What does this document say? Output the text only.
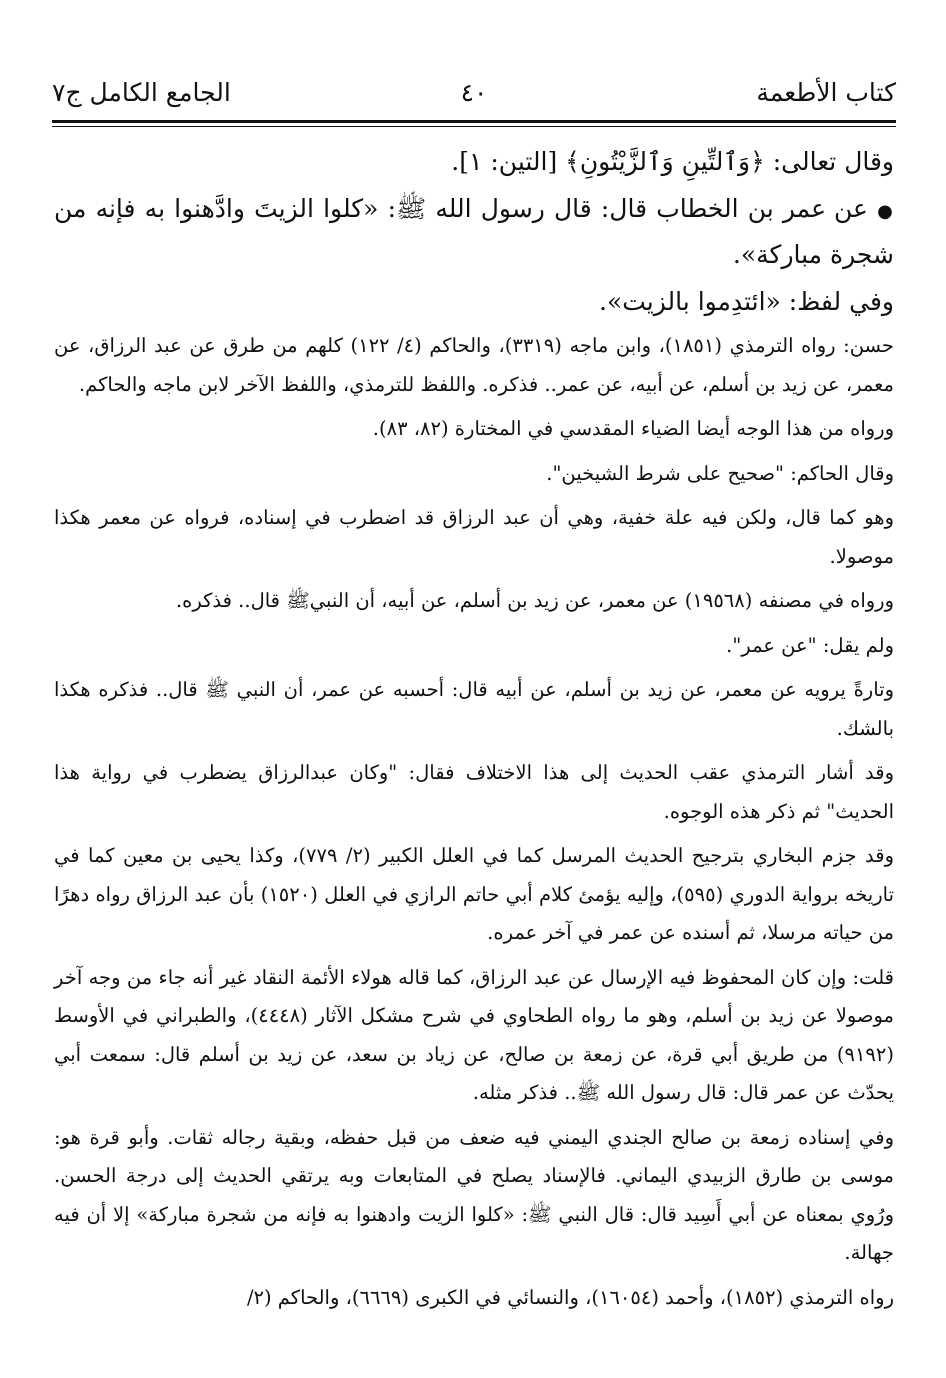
كتاب الأطعمة
٤٠
الجامع الكامل ج٧

وقال تعالى: ﴿وَٱلتِّينِ وَٱلزَّيْتُونِ﴾ [التين: ١].

● عن عمر بن الخطاب قال: قال رسول الله ﷺ: «كلوا الزيتَ وادَّهنوا به فإنه من شجرة مباركة».

وفي لفظ: «ائتدِموا بالزيت».

حسن: رواه الترمذي (١٨٥١)، وابن ماجه (٣٣١٩)، والحاكم (٤/ ١٢٢) كلهم من طرق عن عبد الرزاق، عن معمر، عن زيد بن أسلم، عن أبيه، عن عمر.. فذكره. واللفظ للترمذي، واللفظ الآخر لابن ماجه والحاكم.

ورواه من هذا الوجه أيضا الضياء المقدسي في المختارة (٨٢، ٨٣).

وقال الحاكم: "صحيح على شرط الشيخين".

وهو كما قال، ولكن فيه علة خفية، وهي أن عبد الرزاق قد اضطرب في إسناده، فرواه عن معمر هكذا موصولا.

ورواه في مصنفه (١٩٥٦٨) عن معمر، عن زيد بن أسلم، عن أبيه، أن النبيﷺ قال.. فذكره.

ولم يقل: "عن عمر".

وتارةً يرويه عن معمر، عن زيد بن أسلم، عن أبيه قال: أحسبه عن عمر، أن النبي ﷺ قال.. فذكره هكذا بالشك.

وقد أشار الترمذي عقب الحديث إلى هذا الاختلاف فقال: "وكان عبدالرزاق يضطرب في رواية هذا الحديث" ثم ذكر هذه الوجوه.

وقد جزم البخاري بترجيح الحديث المرسل كما في العلل الكبير (٢/ ٧٧٩)، وكذا يحيى بن معين كما في تاريخه برواية الدوري (٥٩٥)، وإليه يؤمئ كلام أبي حاتم الرازي في العلل (١٥٢٠) بأن عبد الرزاق رواه دهرًا من حياته مرسلا، ثم أسنده عن عمر في آخر عمره.

قلت: وإن كان المحفوظ فيه الإرسال عن عبد الرزاق، كما قاله هولاء الأئمة النقاد غير أنه جاء من وجه آخر موصولا عن زيد بن أسلم، وهو ما رواه الطحاوي في شرح مشكل الآثار (٤٤٤٨)، والطبراني في الأوسط (٩١٩٢) من طريق أبي قرة، عن زمعة بن صالح، عن زياد بن سعد، عن زيد بن أسلم قال: سمعت أبي يحدّث عن عمر قال: قال رسول الله ﷺ.. فذكر مثله.

وفي إسناده زمعة بن صالح الجندي اليمني فيه ضعف من قبل حفظه، وبقية رجاله ثقات. وأبو قرة هو: موسى بن طارق الزبيدي اليماني. فالإسناد يصلح في المتابعات وبه يرتقي الحديث إلى درجة الحسن. ورُوي بمعناه عن أبي أَسِيد قال: قال النبي ﷺ: «كلوا الزيت وادهنوا به فإنه من شجرة مباركة» إلا أن فيه جهالة.

رواه الترمذي (١٨٥٢)، وأحمد (١٦٠٥٤)، والنسائي في الكبرى (٦٦٦٩)، والحاكم (٢/
